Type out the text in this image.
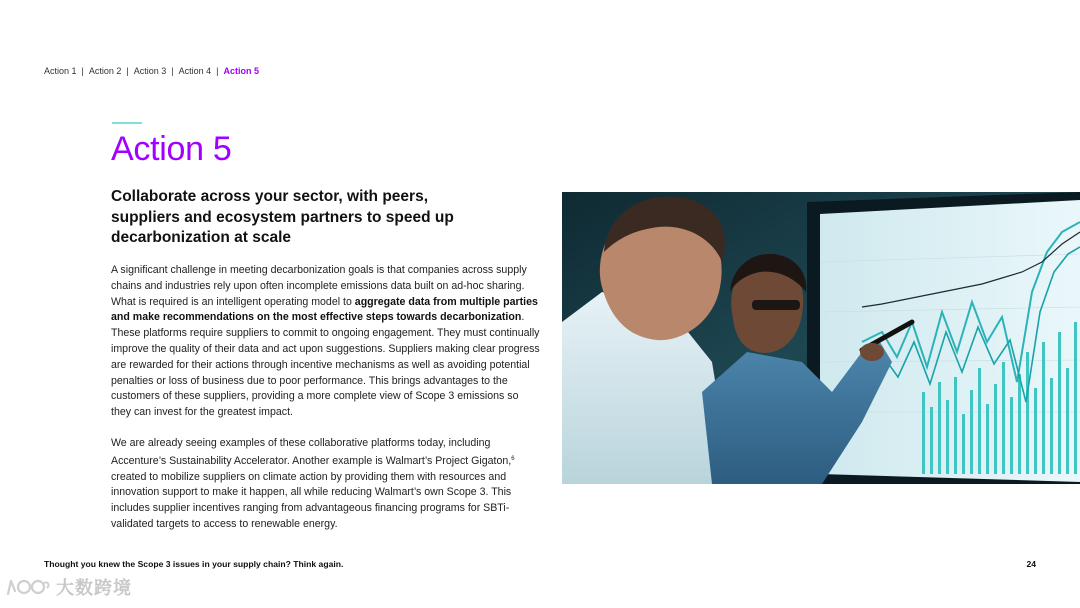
Action 1 | Action 2 | Action 3 | Action 4 | Action 5
Action 5
Collaborate across your sector, with peers, suppliers and ecosystem partners to speed up decarbonization at scale

A significant challenge in meeting decarbonization goals is that companies across supply chains and industries rely upon often incomplete emissions data built on ad-hoc sharing. What is required is an intelligent operating model to aggregate data from multiple parties and make recommendations on the most effective steps towards decarbonization. These platforms require suppliers to commit to ongoing engagement. They must continually improve the quality of their data and act upon suggestions. Suppliers making clear progress are rewarded for their actions through incentive mechanisms as well as avoiding potential penalties or loss of business due to poor performance. This brings advantages to the customers of these suppliers, providing a more complete view of Scope 3 emissions so they can invest for the greatest impact.

We are already seeing examples of these collaborative platforms today, including Accenture’s Sustainability Accelerator. Another example is Walmart’s Project Gigaton,$^6$ created to mobilize suppliers on climate action by providing them with resources and innovation support to make it happen, all while reducing Walmart’s own Scope 3. This includes supplier incentives ranging from advantageous financing programs for SBTi-validated targets to access to renewable energy.

Thought you knew the Scope 3 issues in your supply chain? Think again.	24
大数跨境
